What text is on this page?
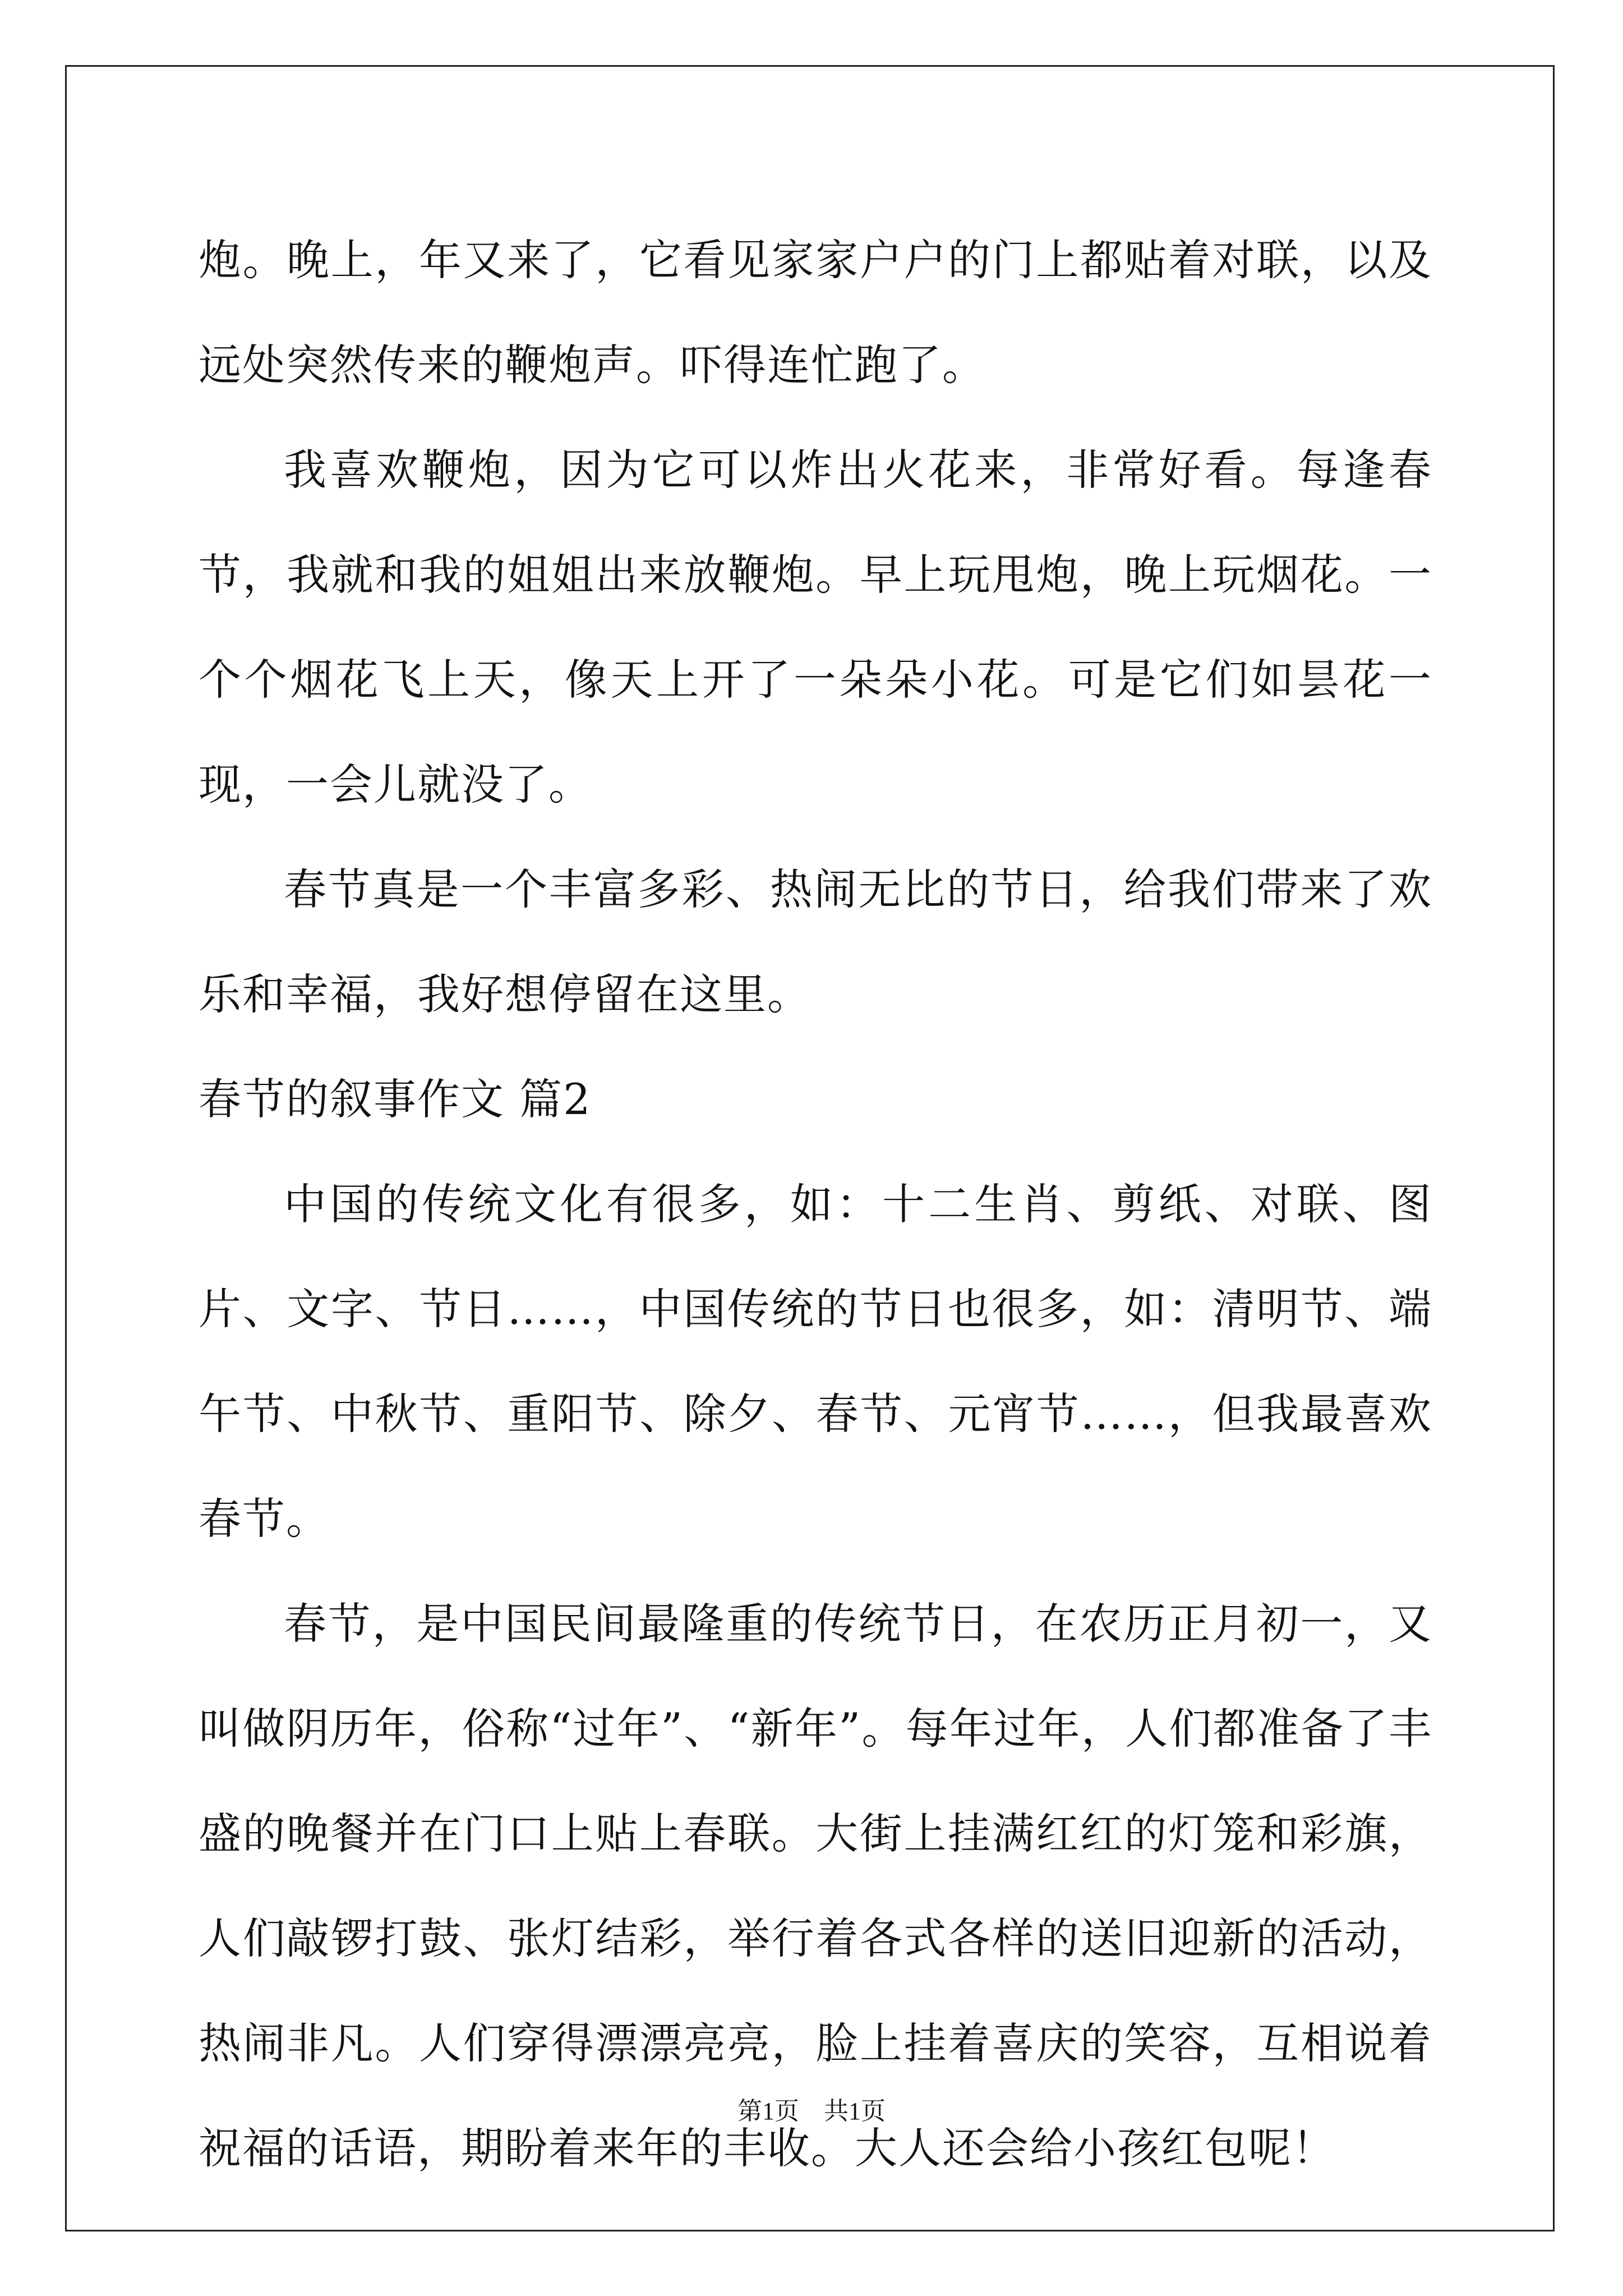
炮。晚上，年又来了，它看见家家户户的门上都贴着对联，以及远处突然传来的鞭炮声。吓得连忙跑了。

我喜欢鞭炮，因为它可以炸出火花来，非常好看。每逢春节，我就和我的姐姐出来放鞭炮。早上玩甩炮，晚上玩烟花。一个个烟花飞上天，像天上开了一朵朵小花。可是它们如昙花一现，一会儿就没了。

春节真是一个丰富多彩、热闹无比的节日，给我们带来了欢乐和幸福，我好想停留在这里。

春节的叙事作文 篇2

中国的传统文化有很多，如：十二生肖、剪纸、对联、图片、文字、节日……，中国传统的节日也很多，如：清明节、端午节、中秋节、重阳节、除夕、春节、元宵节……，但我最喜欢春节。

春节，是中国民间最隆重的传统节日，在农历正月初一，又叫做阴历年，俗称“过年”、“新年”。每年过年，人们都准备了丰盛的晚餐并在门口上贴上春联。大街上挂满红红的灯笼和彩旗，人们敲锣打鼓、张灯结彩，举行着各式各样的送旧迎新的活动，热闹非凡。人们穿得漂漂亮亮，脸上挂着喜庆的笑容，互相说着祝福的话语，期盼着来年的丰收。大人还会给小孩红包呢！

第1页 共1页
